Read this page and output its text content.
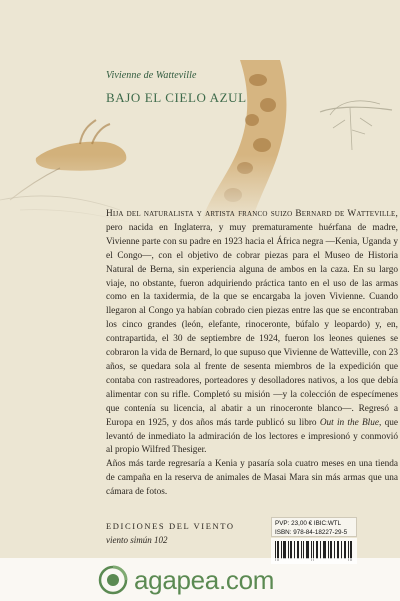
Vivienne de Watteville
BAJO EL CIELO AZUL

Hija del naturalista y artista franco suizo Bernard de Watteville, pero nacida en Inglaterra, y muy prematuramente huérfana de madre, Vivienne parte con su padre en 1923 hacia el África negra —Kenia, Uganda y el Congo—, con el objetivo de cobrar piezas para el Museo de Historia Natural de Berna, sin experiencia alguna de ambos en la caza. En su largo viaje, no obstante, fueron adquiriendo práctica tanto en el uso de las armas como en la taxidermia, de la que se encargaba la joven Vivienne. Cuando llegaron al Congo ya habían cobrado cien piezas entre las que se encontraban los cinco grandes (león, elefante, rinoceronte, búfalo y leopardo) y, en, contrapartida, el 30 de septiembre de 1924, fueron los leones quienes se cobraron la vida de Bernard, lo que supuso que Vivienne de Watteville, con 23 años, se quedara sola al frente de sesenta miembros de la expedición que contaba con rastreadores, porteadores y desolladores nativos, a los que debía alimentar con su rifle. Completó su misión —y la colección de especímenes que contenía su licencia, al abatir a un rinoceronte blanco—. Regresó a Europa en 1925, y dos años más tarde publicó su libro Out in the Blue, que levantó de inmediato la admiración de los lectores e impresionó y conmovió al propio Wilfred Thesiger.

Años más tarde regresaría a Kenia y pasaría sola cuatro meses en una tienda de campaña en la reserva de animales de Masai Mara sin más armas que una cámara de fotos.

EDICIONES DEL VIENTO
viento simún 102
PVP: 23,00 € IBIC:WTL
ISBN: 978-84-18227-29-5
agapea.com
